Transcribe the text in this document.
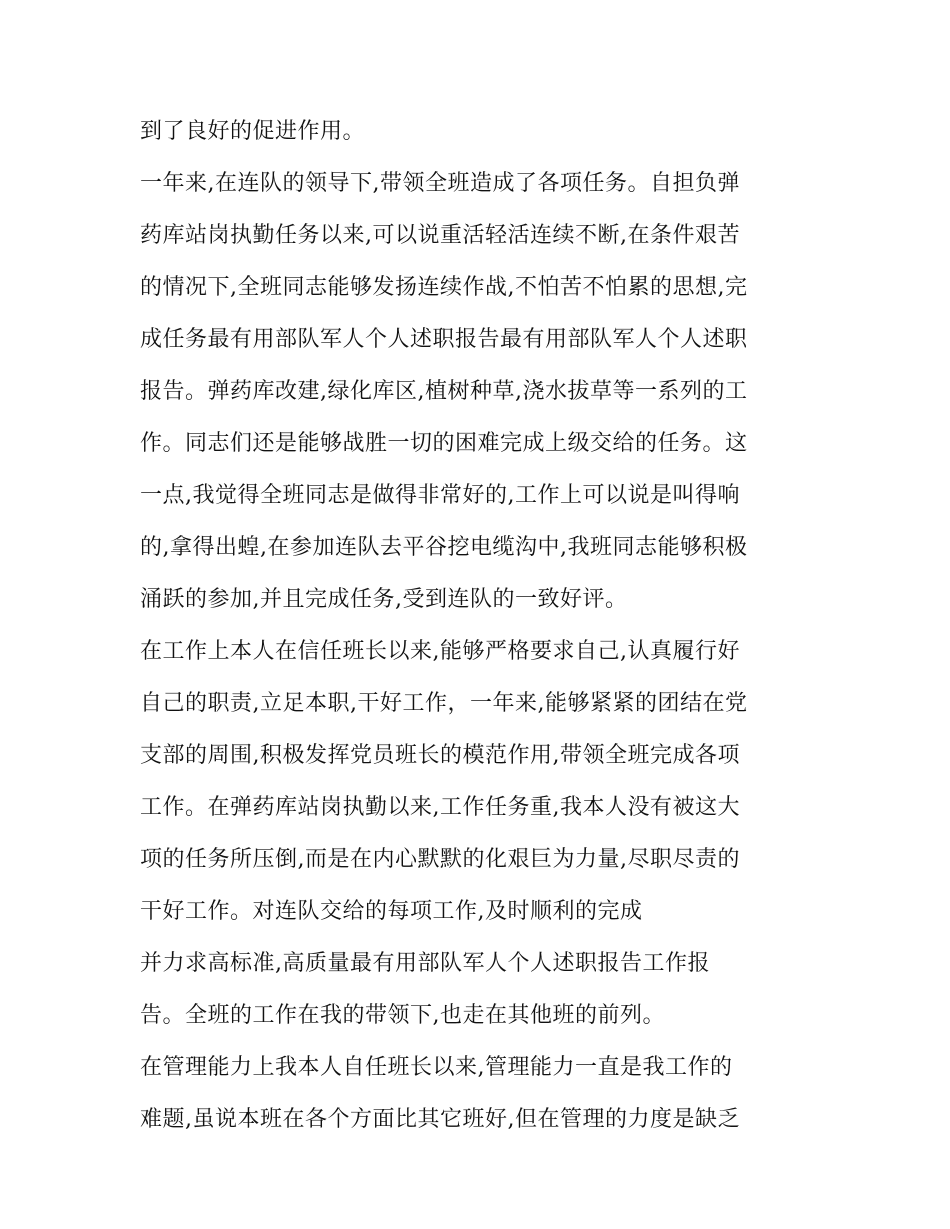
到了良好的促进作用。
一年来,在连队的领导下,带领全班造成了各项任务。自担负弹
药库站岗执勤任务以来,可以说重活轻活连续不断,在条件艰苦
的情况下,全班同志能够发扬连续作战,不怕苦不怕累的思想,完
成任务最有用部队军人个人述职报告最有用部队军人个人述职
报告。弹药库改建,绿化库区,植树种草,浇水拔草等一系列的工
作。同志们还是能够战胜一切的困难完成上级交给的任务。这
一点,我觉得全班同志是做得非常好的,工作上可以说是叫得响
的,拿得出蝗,在参加连队去平谷挖电缆沟中,我班同志能够积极
涌跃的参加,并且完成任务,受到连队的一致好评。
在工作上本人在信任班长以来,能够严格要求自己,认真履行好
自己的职责,立足本职,干好工作，一年来,能够紧紧的团结在党
支部的周围,积极发挥党员班长的模范作用,带领全班完成各项
工作。在弹药库站岗执勤以来,工作任务重,我本人没有被这大
项的任务所压倒,而是在内心默默的化艰巨为力量,尽职尽责的
干好工作。对连队交给的每项工作,及时顺利的完成
并力求高标准,高质量最有用部队军人个人述职报告工作报
告。全班的工作在我的带领下,也走在其他班的前列。
在管理能力上我本人自任班长以来,管理能力一直是我工作的
难题,虽说本班在各个方面比其它班好,但在管理的力度是缺乏
